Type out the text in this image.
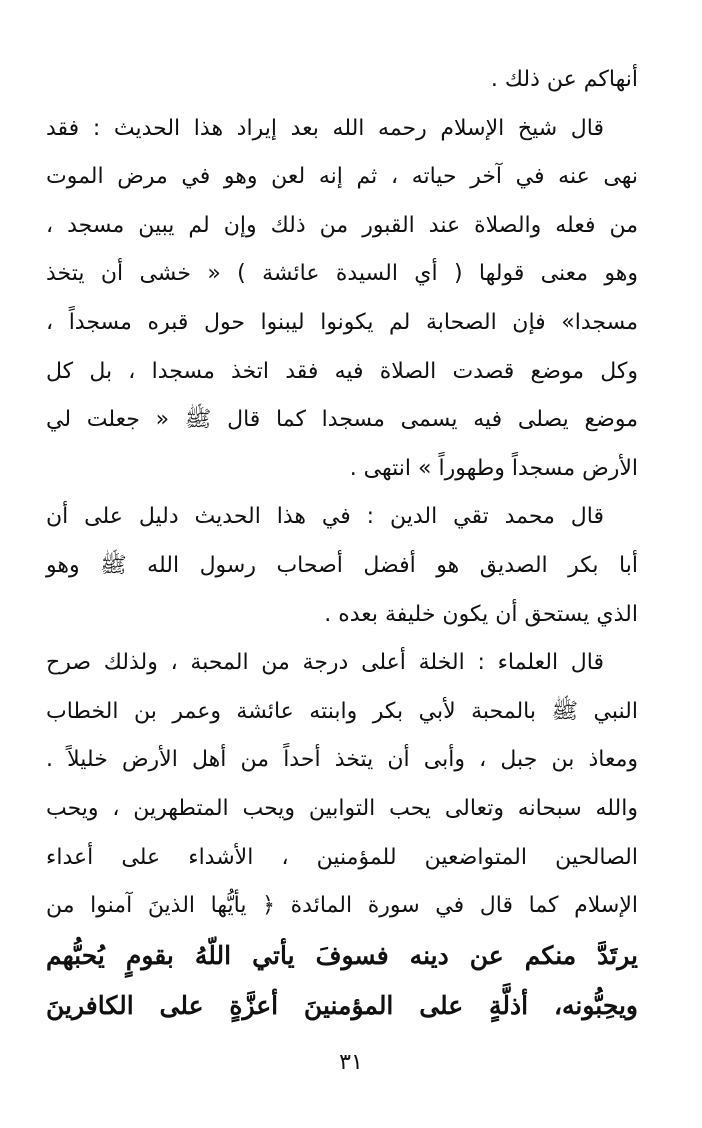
أنهاكم عن ذلك .
قال شيخ الإسلام رحمه الله بعد إيراد هذا الحديث : فقد
نهى عنه في آخر حياته ، ثم إنه لعن وهو في مرض الموت
من فعله والصلاة عند القبور من ذلك وإن لم يبين مسجد ،
وهو معنى قولها ( أي السيدة عائشة ) « خشى أن يتخذ
مسجدا» فإن الصحابة لم يكونوا ليبنوا حول قبره مسجداً ،
وكل موضع قصدت الصلاة فيه فقد اتخذ مسجدا ، بل كل
موضع يصلى فيه يسمى مسجدا كما قال ﷺ « جعلت لي
الأرض مسجداً وطهوراً » انتهى .
قال محمد تقي الدين : في هذا الحديث دليل على أن
أبا بكر الصديق هو أفضل أصحاب رسول الله ﷺ وهو
الذي يستحق أن يكون خليفة بعده .
قال العلماء : الخلة أعلى درجة من المحبة ، ولذلك صرح
النبي ﷺ بالمحبة لأبي بكر وابنته عائشة وعمر بن الخطاب
ومعاذ بن جبل ، وأبى أن يتخذ أحداً من أهل الأرض خليلاً .
والله سبحانه وتعالى يحب التوابين ويحب المتطهرين ، ويحب
الصالحين المتواضعين للمؤمنين ، الأشداء على أعداء
الإسلام كما قال في سورة المائدة ﴿ يأيُّها الذينَ آمنوا من
يرتَدَّ منكم عن دينه فسوفَ يأتي اللّهُ بقومٍ يُحبُّهم
ويحِبُّونه، أذلَّةٍ على المؤمنينَ أعزَّةٍ على الكافرينَ
٣١
